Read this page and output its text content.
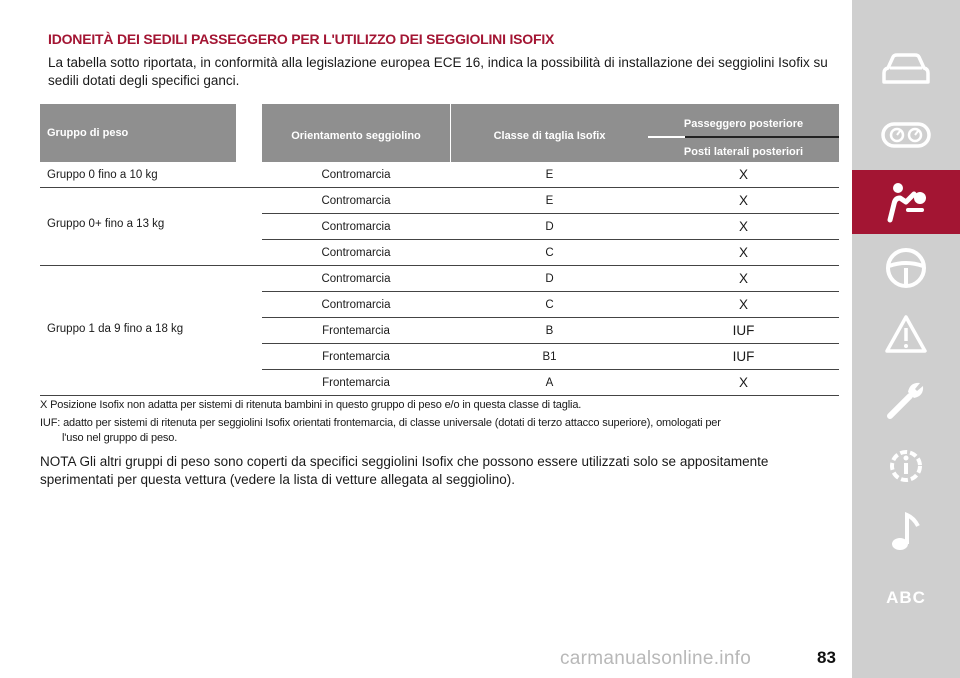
IDONEITÀ DEI SEDILI PASSEGGERO PER L'UTILIZZO DEI SEGGIOLINI ISOFIX
La tabella sotto riportata, in conformità alla legislazione europea ECE 16, indica la possibilità di installazione dei seggiolini Isofix su sedili dotati degli specifici ganci.
Gruppo di peso	Orientamento seggiolino	Classe di taglia Isofix
Passeggero posteriore
Posti laterali posteriori
Gruppo 0 fino a 10 kg	Contromarcia	E	X
Gruppo 0+ fino a 13 kg
Contromarcia	E	X
Contromarcia	D	X
Contromarcia	C	X
Gruppo 1 da 9 fino a 18 kg
Contromarcia	D	X
Contromarcia	C	X
Frontemarcia	B	IUF
Frontemarcia	B1	IUF
Frontemarcia	A	X
X Posizione Isofix non adatta per sistemi di ritenuta bambini in questo gruppo di peso e/o in questa classe di taglia.
IUF: adatto per sistemi di ritenuta per seggiolini Isofix orientati frontemarcia, di classe universale (dotati di terzo attacco superiore), omologati per
l'uso nel gruppo di peso.
NOTA Gli altri gruppi di peso sono coperti da specifici seggiolini Isofix che possono essere utilizzati solo se appositamente sperimentati per questa vettura (vedere la lista di vetture allegata al seggiolino).
ABC
carmanualsonline.info	83
